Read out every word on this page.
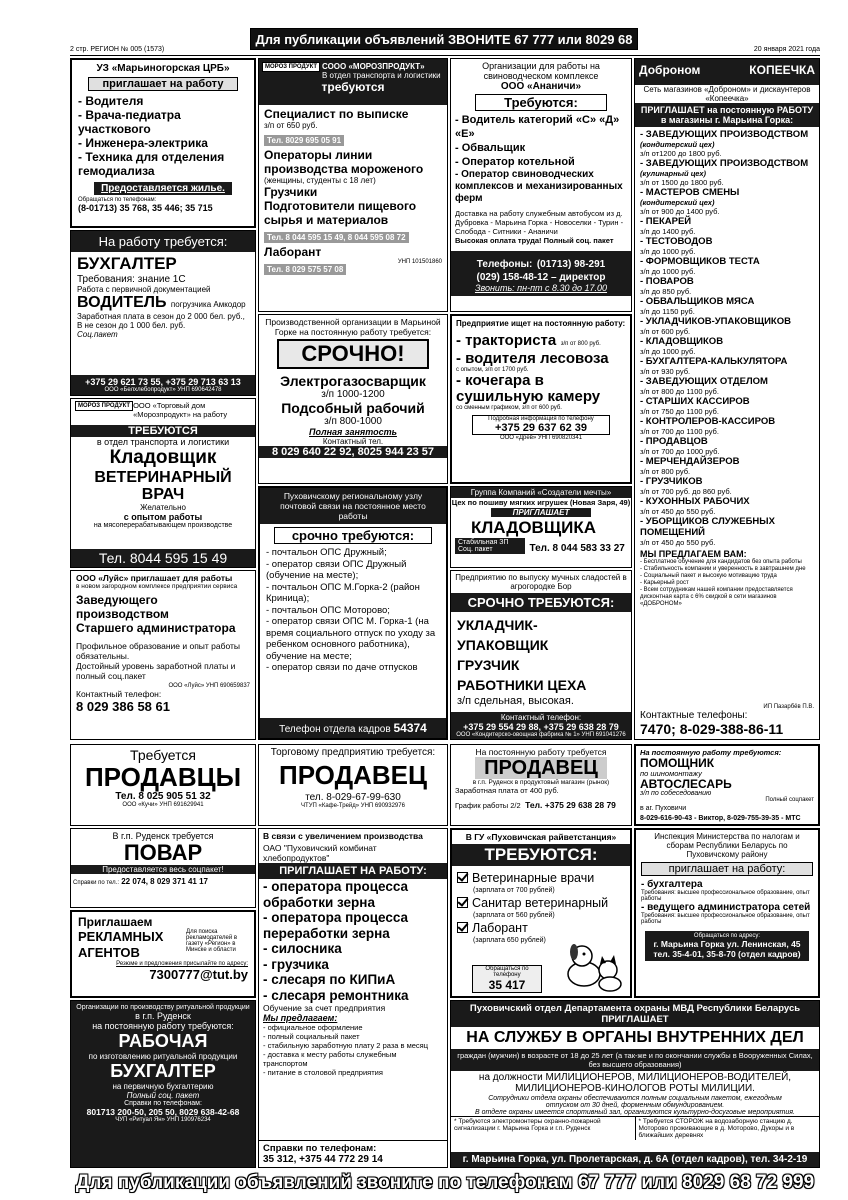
Для публикации объявлений ЗВОНИТЕ 67 777 или 8029 68
2 стр. РЕГИОН № 005 (1573)	20 января 2021 года
УЗ «Марьиногорская ЦРБ»
приглашает на работу
- Водителя
- Врача-педиатра участкового
- Инженера-электрика
- Техника для отделения гемодиализа
Предоставляется жилье.
Обращаться по телефонам:
(8-01713) 35 768, 35 446; 35 715
МОРОЗ ПРОДУКТ СООО «МОРОЗПРОДУКТ»
В отдел транспорта и логистики
требуются
Специалист по выписке
з/п от 650 руб.
Тел. 8029 695 05 91
Операторы линии производства мороженого
(женщины, студенты с 18 лет)
Грузчики
Подготовители пищевого сырья и материалов
Тел. 8 044 595 15 49, 8 044 595 08 72
Лаборант
Тел. 8 029 575 57 08
УНП 101501860
Организации для работы на свиноводческом комплексе
ООО «Ананичи»
Требуются:
- Водитель категорий «С» «Д» «Е»
- Обвальщик
- Оператор котельной
- Оператор свиноводческих комплексов и механизированных ферм
Доставка на работу служебным автобусом из д. Дубровка - Марьина Горка - Новоселки - Турин - Слобода - Ситники - Ананичи
Высокая оплата труда! Полный соц. пакет
Телефоны: (01713) 98-291
(029) 158-48-12 – директор
Звонить: пн-пт с 8.30 до 17.00
Доброном	КОПЕЕЧКА
Сеть магазинов «Доброном» и дискаунтеров «Копеечка»
ПРИГЛАШАЕТ на постоянную РАБОТУ в магазины г. Марьина Горка:
- ЗАВЕДУЮЩИХ ПРОИЗВОДСТВОМ
(кондитерский цех)
з/п от1200 до 1800 руб.
- ЗАВЕДУЮЩИХ ПРОИЗВОДСТВОМ
(кулинарный цех)
з/п от 1500 до 1800 руб.
- МАСТЕРОВ СМЕНЫ
(кондитерский цех)
з/п от 900 до 1400 руб.
- ПЕКАРЕЙ
з/п до 1400 руб.
- ТЕСТОВОДОВ
з/п до 1000 руб.
- ФОРМОВЩИКОВ ТЕСТА
з/п до 1000 руб.
- ПОВАРОВ
з/п до 850 руб.
- ОБВАЛЬЩИКОВ МЯСА
з/п до 1150 руб.
- УКЛАДЧИКОВ-УПАКОВЩИКОВ
з/п от 600 руб.
- КЛАДОВЩИКОВ
з/п до 1000 руб.
- БУХГАЛТЕРА-КАЛЬКУЛЯТОРА
з/п от 930 руб.
- ЗАВЕДУЮЩИХ ОТДЕЛОМ
з/п от 800 до 1100 руб.
- СТАРШИХ КАССИРОВ
з/п от 750 до 1100 руб.
- КОНТРОЛЕРОВ-КАССИРОВ
з/п от 700 до 1100 руб.
- ПРОДАВЦОВ
з/п от 700 до 1000 руб.
- МЕРЧЕНДАЙЗЕРОВ
з/п от 800 руб.
- ГРУЗЧИКОВ
з/п от 700 руб. до 860 руб.
- КУХОННЫХ РАБОЧИХ
з/п от 450 до 550 руб.
- УБОРЩИКОВ СЛУЖЕБНЫХ ПОМЕЩЕНИЙ
з/п от 450 до 550 руб.
МЫ ПРЕДЛАГАЕМ ВАМ:
- Бесплатное обучение для кандидатов без опыта работы
- Стабильность компании и уверенность в завтрашнем дне
- Социальный пакет и высокую мотивацию труда
- Карьерный рост
- Всем сотрудникам нашей компании предоставляется дисконтная карта с 6% скидкой в сети магазинов «ДОБРОНОМ»
ИП Пазарбёв П.В.
Контактные телефоны:
7470; 8-029-388-86-11
На работу требуется:
БУХГАЛТЕР
Требования: знание 1С
Работа с первичной документацией
ВОДИТЕЛЬ погрузчика Амкодор
Заработная плата в сезон до 2 000 бел. руб., В не сезон до 1 000 бел. руб.
Соц.пакет
+375 29 621 73 55, +375 29 713 63 13
ООО «Белхлебопродукт» УНП 690642478
МОРОЗ ПРОДУКТ ООО «Торговый дом «Морозпродукт» на работу
ТРЕБУЮТСЯ
в отдел транспорта и логистики
Кладовщик
ВЕТЕРИНАРНЫЙ ВРАЧ
Желательно
с опытом работы
на мясоперерабатывающем производстве
Тел. 8044 595 15 49
Производственной организации в Марьиной Горке на постоянную работу требуется:
СРОЧНО!
Электрогазосварщик
з/п 1000-1200
Подсобный рабочий
з/п 800-1000
Полная занятость
Контактный тел.
8 029 640 22 92, 8025 944 23 57
Предприятие ищет на постоянную работу:
- тракториста з/п от 800 руб.
- водителя лесовоза
с опытом, з/п от 1700 руб.
- кочегара в сушильную камеру
со сменным графиком, з/п от 600 руб.
Подробная информация по телефону
+375 29 637 62 39
ООО «Древ» УНП 690820341
Пуховичскому региональному узлу почтовой связи на постоянное место работы
срочно требуются:
- почтальон ОПС Дружный;
- оператор связи ОПС Дружный (обучение на месте);
- почтальон ОПС М.Горка-2 (район Криница);
- почтальон ОПС Моторово;
- оператор связи ОПС М. Горка-1 (на время социального отпуск по уходу за ребенком основного работника), обучение на месте;
- оператор связи по даче отпусков
Телефон отдела кадров 54374
Группа Компаний «Создатели мечты»
Цех по пошиву мягких игрушек (Новая Заря, 49)
ПРИГЛАШАЕТ
КЛАДОВЩИКА
Стабильная ЗП Соц. пакет	Тел. 8 044 583 33 27
Предприятию по выпуску мучных сладостей в агрогородке Бор
СРОЧНО ТРЕБУЮТСЯ:
УКЛАДЧИК-УПАКОВЩИК
ГРУЗЧИК
РАБОТНИКИ ЦЕХА
з/п сдельная, высокая.
Контактный телефон:
+375 29 554 29 88, +375 29 638 28 79
ООО «Кондитерско-овощная фабрика № 1» УНП 691041276
ООО «Луйс» приглашает для работы
в новом загородном комплексе предприятии сервиса
Заведующего производством
Старшего администратора
Профильное образование и опыт работы обязательны.
Достойный уровень заработной платы и полный соц.пакет
ООО «Луйс» УНП 690659837
Контактный телефон:
8 029 386 58 61
Требуется
ПРОДАВЦЫ
Тел. 8 025 905 51 32
ООО «Кучи» УНП 691629941
Торговому предприятию требуется:
ПРОДАВЕЦ
тел. 8-029-67-99-630
ЧТУП «Кафе-Трейд» УНП 690932976
На постоянную работу требуется
ПРОДАВЕЦ
в г.п. Руденск в продуктовый магазин (рынок)
Заработная плата от 400 руб.
График работы 2/2 Тел. +375 29 638 28 79
На постоянную работу требуются:
ПОМОЩНИК
по шиномонтажу
АВТОСЛЕСАРЬ
з/п по собеседованию
в аг. Пуховичи
Полный соцпакет
8-029-616-90-43 - Виктор, 8-029-755-39-35 - МТС
В г.п. Руденск требуется
ПОВАР
Предоставляется весь соцпакет!
Справки по тел.: 22 074, 8 029 371 41 17
Приглашаем
Для поиска рекламодателей в газету «Регион» в Минске и области
РЕКЛАМНЫХ АГЕНТОВ
Резюме и предложения присылайте по адресу:
7300777@tut.by
В связи с увеличением производства
ОАО "Пуховичский комбинат хлебопродуктов"
ПРИГЛАШАЕТ НА РАБОТУ:
- оператора процесса обработки зерна
- оператора процесса переработки зерна
- силосника
- грузчика
- слесаря по КИПиА
- слесаря ремонтника
Обучение за счет предприятия
Мы предлагаем:
- официальное оформление
- полный социальный пакет
- стабильную заработную плату 2 раза в месяц
- доставка к месту работы служебным транспортом
- питание в столовой предприятия
Справки по телефонам:
35 312, +375 44 772 29 14
В ГУ «Пуховичская райветстанция»
ТРЕБУЮТСЯ:
Ветеринарные врачи
(зарплата от 700 рублей)
Санитар ветеринарный
(зарплата от 560 рублей)
Лаборант
(зарплата 650 рублей)
Обращаться по телефону
35 417
Инспекция Министерства по налогам и сборам Республики Беларусь по Пуховичскому району
приглашает на работу:
- бухгалтера
Требования: высшее профессиональное образование, опыт работы
- ведущего администратора сетей
Требования: высшее профессиональное образование, опыт работы
Обращаться по адресу:
г. Марьина Горка ул. Ленинская, 45 тел. 35-4-01, 35-8-70 (отдел кадров)
Организации по производству ритуальной продукции
в г.п. Руденск
на постоянную работу требуются:
РАБОЧАЯ
по изготовлению ритуальной продукции
БУХГАЛТЕР
на первичную бухгалтерию
Полный соц. пакет
Справки по телефонам:
801713 200-50, 205 50, 8029 638-42-68
ЧУП «Ритуал Ян» УНП 190976234
Пуховичский отдел Департамента охраны МВД Республики Беларусь
ПРИГЛАШАЕТ
НА СЛУЖБУ В ОРГАНЫ ВНУТРЕННИХ ДЕЛ
граждан (мужчин) в возрасте от 18 до 25 лет (а так-же и по окончании службы в Вооруженных Силах, без высшего образования)
на должности МИЛИЦИОНЕРОВ, МИЛИЦИОНЕРОВ-ВОДИТЕЛЕЙ, МИЛИЦИОНЕРОВ-КИНОЛОГОВ РОТЫ МИЛИЦИИ.
Сотрудники отдела охраны обеспечиваются полным социальным пакетом, ежегодным отпуском от 30 дней, форменным обмундированием.
В отделе охраны имеется спортивный зал, организуются культурно-досуговые мероприятия.
* Требуются электромонтеры охранно-пожарной сигнализации г. Марьина Горка и г.п. Руденск
* Требуется СТОРОЖ на водозаборную станцию д. Моторово проживающие в д. Моторово, Дукоры и в ближайших деревнях
г. Марьина Горка, ул. Пролетарская, д. 6А (отдел кадров), тел. 34-2-19
Для публикации объявлений звоните по телефонам 67 777 или 8029 68 72 999
